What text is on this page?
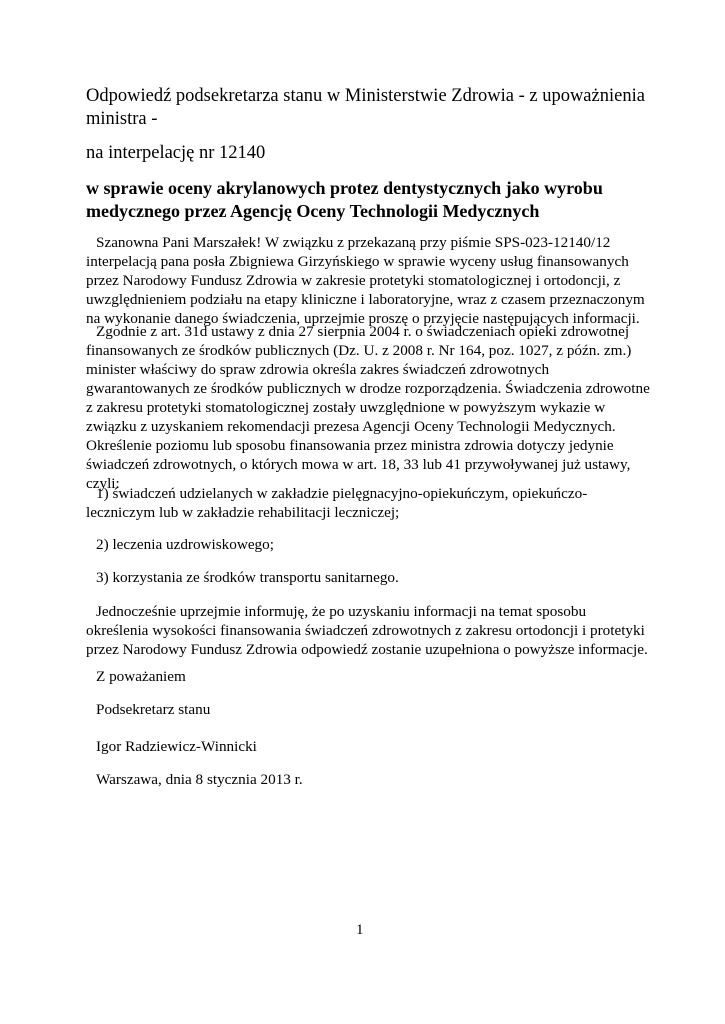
Odpowiedź podsekretarza stanu w Ministerstwie Zdrowia - z upoważnienia ministra -

na interpelację nr 12140

w sprawie oceny akrylanowych protez dentystycznych jako wyrobu medycznego przez Agencję Oceny Technologii Medycznych

Szanowna Pani Marszałek! W związku z przekazaną przy piśmie SPS-023-12140/12 interpelacją pana posła Zbigniewa Girzyńskiego w sprawie wyceny usług finansowanych przez Narodowy Fundusz Zdrowia w zakresie protetyki stomatologicznej i ortodoncji, z uwzględnieniem podziału na etapy kliniczne i laboratoryjne, wraz z czasem przeznaczonym na wykonanie danego świadczenia, uprzejmie proszę o przyjęcie następujących informacji.

Zgodnie z art. 31d ustawy z dnia 27 sierpnia 2004 r. o świadczeniach opieki zdrowotnej finansowanych ze środków publicznych (Dz. U. z 2008 r. Nr 164, poz. 1027, z późn. zm.) minister właściwy do spraw zdrowia określa zakres świadczeń zdrowotnych gwarantowanych ze środków publicznych w drodze rozporządzenia. Świadczenia zdrowotne z zakresu protetyki stomatologicznej zostały uwzględnione w powyższym wykazie w związku z uzyskaniem rekomendacji prezesa Agencji Oceny Technologii Medycznych. Określenie poziomu lub sposobu finansowania przez ministra zdrowia dotyczy jedynie świadczeń zdrowotnych, o których mowa w art. 18, 33 lub 41 przywoływanej już ustawy, czyli:

1) świadczeń udzielanych w zakładzie pielęgnacyjno-opiekuńczym, opiekuńczo-leczniczym lub w zakładzie rehabilitacji leczniczej;

2) leczenia uzdrowiskowego;

3) korzystania ze środków transportu sanitarnego.

Jednocześnie uprzejmie informuję, że po uzyskaniu informacji na temat sposobu określenia wysokości finansowania świadczeń zdrowotnych z zakresu ortodoncji i protetyki przez Narodowy Fundusz Zdrowia odpowiedź zostanie uzupełniona o powyższe informacje.

Z poważaniem

Podsekretarz stanu

Igor Radziewicz-Winnicki

Warszawa, dnia 8 stycznia 2013 r.

1
